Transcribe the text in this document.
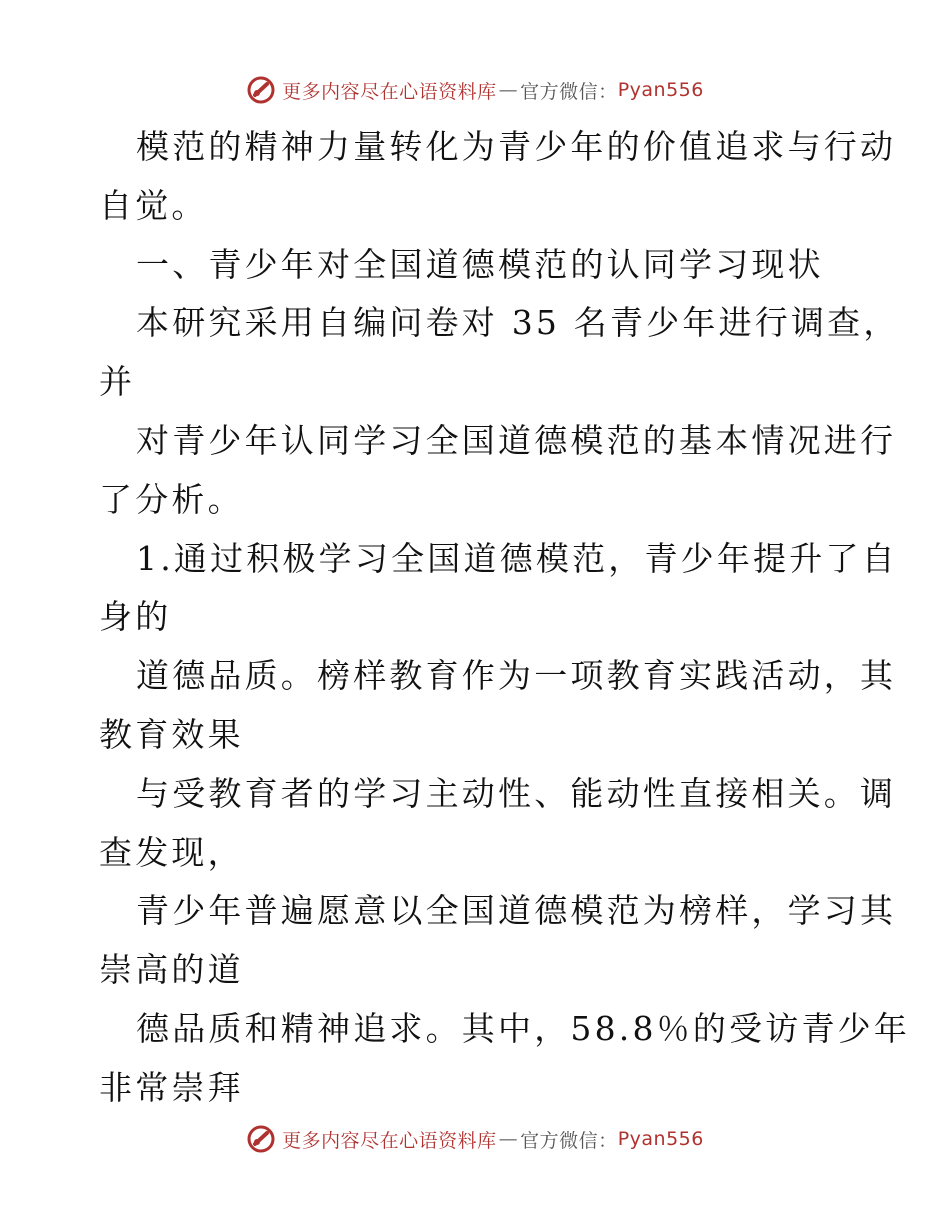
更多内容尽在心语资料库 — 官方微信： Pyan556
模范的精神力量转化为青少年的价值追求与行动
自觉。
一、青少年对全国道德模范的认同学习现状
本研究采用自编问卷对 35 名青少年进行调查，
并
对青少年认同学习全国道德模范的基本情况进行
了分析。
1.通过积极学习全国道德模范，青少年提升了自
身的
道德品质。榜样教育作为一项教育实践活动，其
教育效果
与受教育者的学习主动性、能动性直接相关。调
查发现，
青少年普遍愿意以全国道德模范为榜样，学习其
崇高的道
德品质和精神追求。其中，58.8％的受访青少年
非常崇拜
更多内容尽在心语资料库 — 官方微信： Pyan556
